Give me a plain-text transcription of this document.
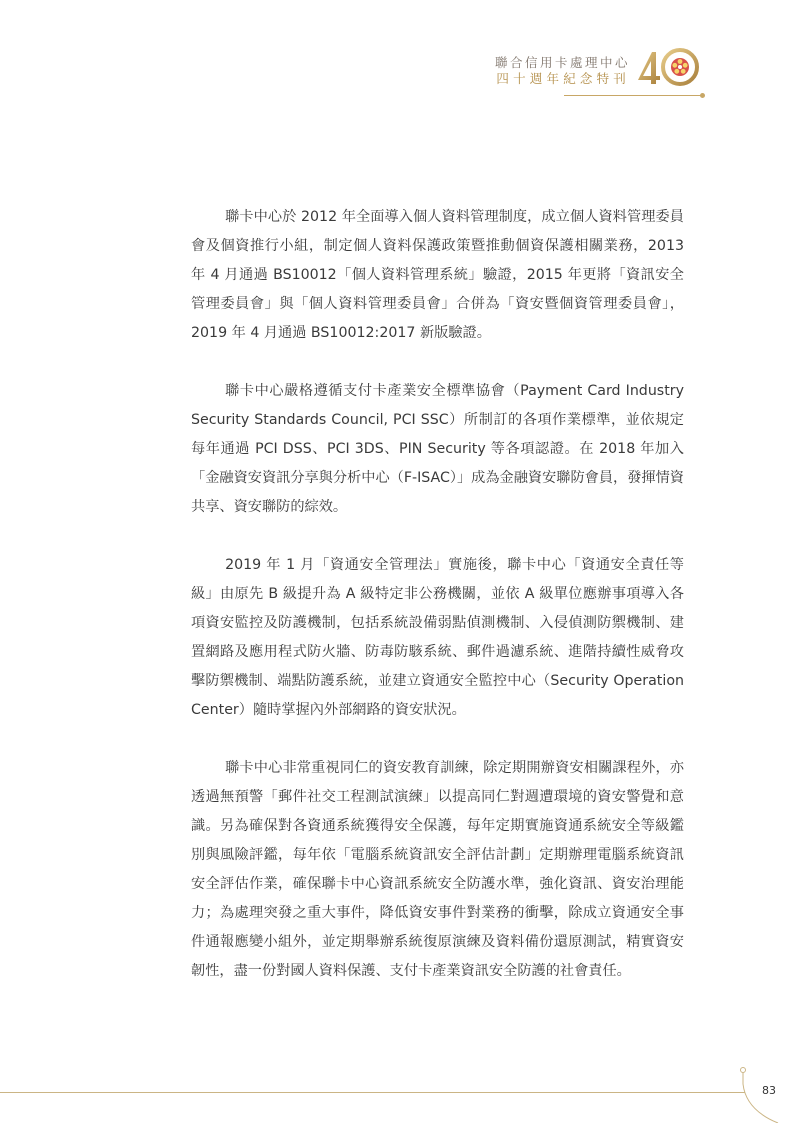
聯合信用卡處理中心
四十週年紀念特刊

聯卡中心於 2012 年全面導入個人資料管理制度，成立個人資料管理委員會及個資推行小組，制定個人資料保護政策暨推動個資保護相關業務，2013 年 4 月通過 BS10012「個人資料管理系統」驗證，2015 年更將「資訊安全管理委員會」與「個人資料管理委員會」合併為「資安暨個資管理委員會」，2019 年 4 月通過 BS10012:2017 新版驗證。

聯卡中心嚴格遵循支付卡產業安全標準協會（Payment Card Industry Security Standards Council, PCI SSC）所制訂的各項作業標準，並依規定每年通過 PCI DSS、PCI 3DS、PIN Security 等各項認證。在 2018 年加入「金融資安資訊分享與分析中心（F-ISAC）」成為金融資安聯防會員，發揮情資共享、資安聯防的綜效。

2019 年 1 月「資通安全管理法」實施後，聯卡中心「資通安全責任等級」由原先 B 級提升為 A 級特定非公務機關，並依 A 級單位應辦事項導入各項資安監控及防護機制，包括系統設備弱點偵測機制、入侵偵測防禦機制、建置網路及應用程式防火牆、防毒防駭系統、郵件過濾系統、進階持續性威脅攻擊防禦機制、端點防護系統，並建立資通安全監控中心（Security Operation Center）隨時掌握內外部網路的資安狀況。

聯卡中心非常重視同仁的資安教育訓練，除定期開辦資安相關課程外，亦透過無預警「郵件社交工程測試演練」以提高同仁對週遭環境的資安警覺和意識。另為確保對各資通系統獲得安全保護，每年定期實施資通系統安全等級鑑別與風險評鑑，每年依「電腦系統資訊安全評估計劃」定期辦理電腦系統資訊安全評估作業，確保聯卡中心資訊系統安全防護水準，強化資訊、資安治理能力；為處理突發之重大事件，降低資安事件對業務的衝擊，除成立資通安全事件通報應變小組外，並定期舉辦系統復原演練及資料備份還原測試，精實資安韌性，盡一份對國人資料保護、支付卡產業資訊安全防護的社會責任。

83
